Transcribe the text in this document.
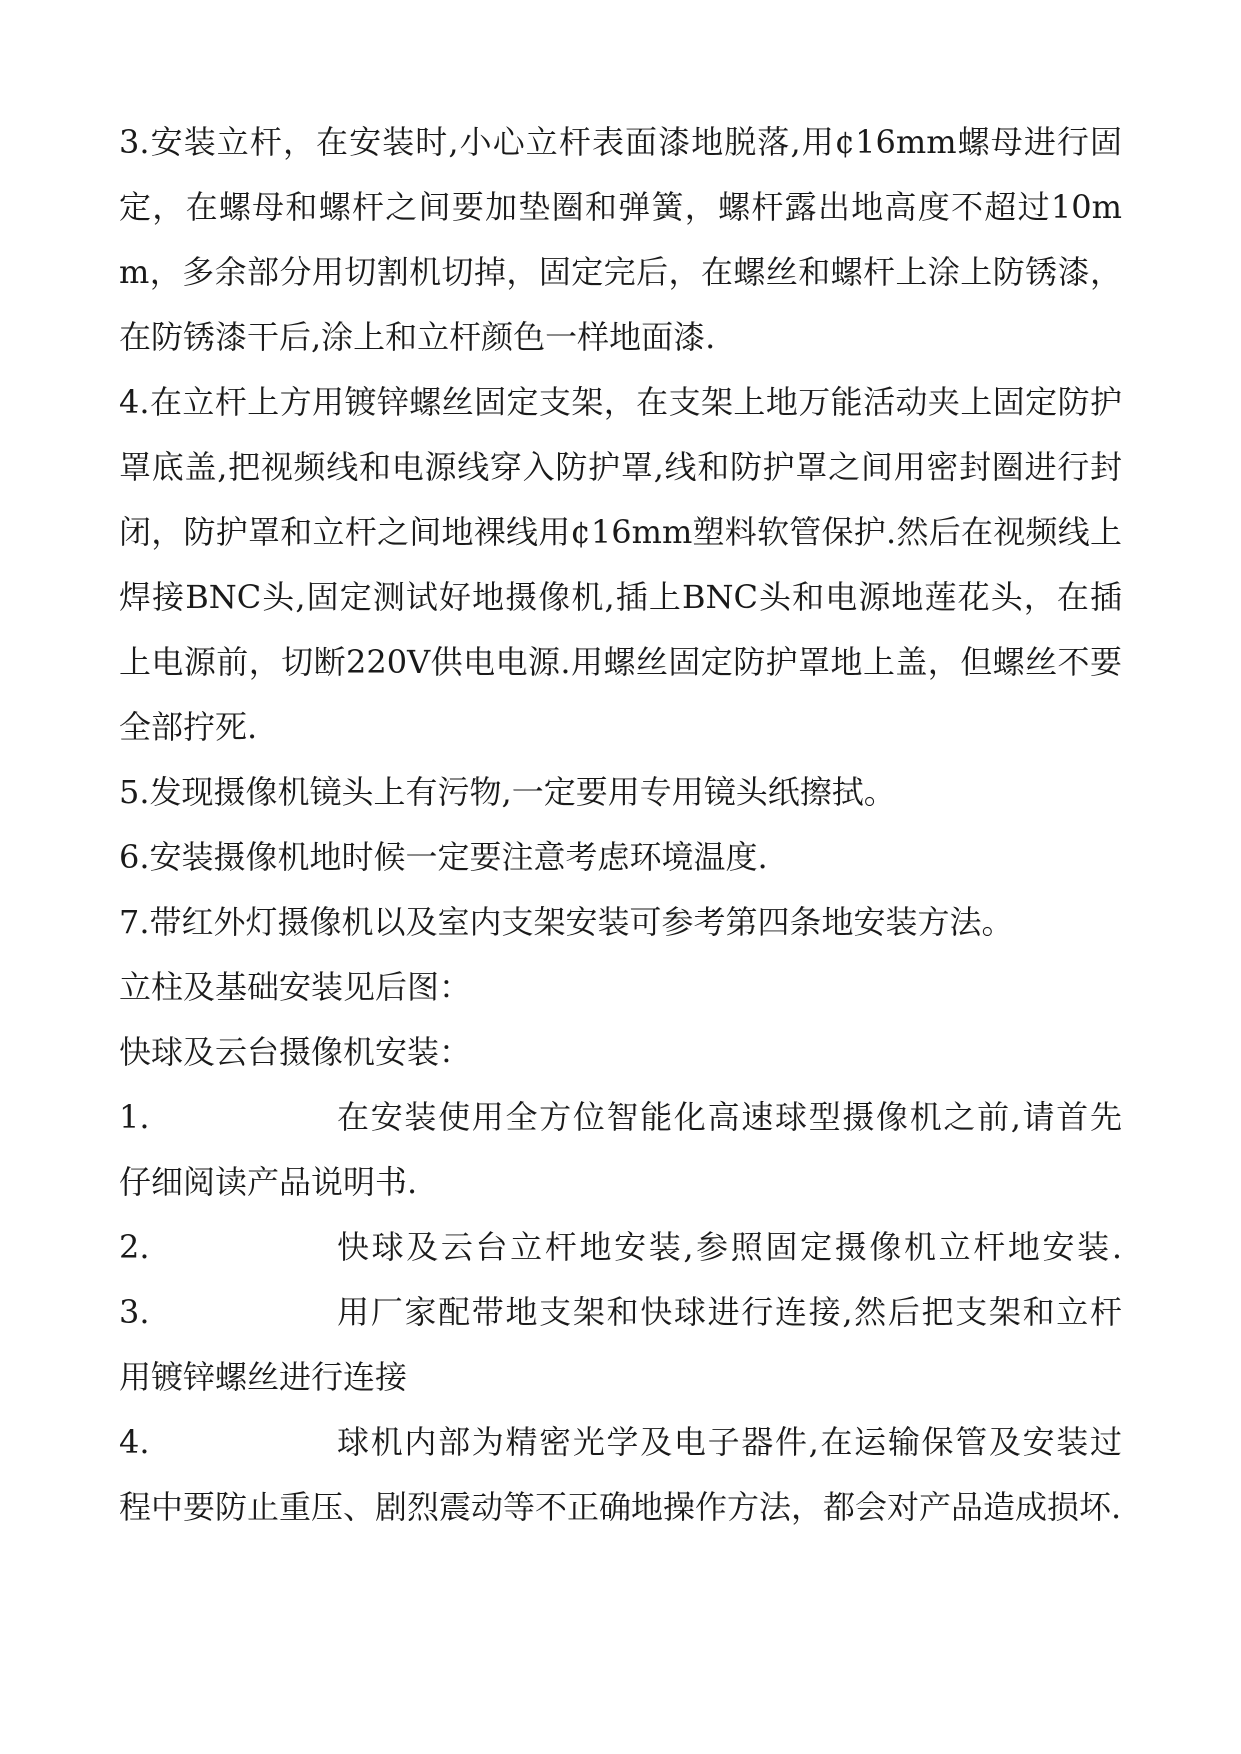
3.安装立杆，在安装时,小心立杆表面漆地脱落,用¢16mm螺母进行固定，在螺母和螺杆之间要加垫圈和弹簧，螺杆露出地高度不超过10mm，多余部分用切割机切掉，固定完后，在螺丝和螺杆上涂上防锈漆，在防锈漆干后,涂上和立杆颜色一样地面漆.

4.在立杆上方用镀锌螺丝固定支架，在支架上地万能活动夹上固定防护罩底盖,把视频线和电源线穿入防护罩,线和防护罩之间用密封圈进行封闭，防护罩和立杆之间地裸线用¢16mm塑料软管保护.然后在视频线上焊接BNC头,固定测试好地摄像机,插上BNC头和电源地莲花头，在插上电源前，切断220V供电电源.用螺丝固定防护罩地上盖，但螺丝不要全部拧死.

5.发现摄像机镜头上有污物,一定要用专用镜头纸擦拭。

6.安装摄像机地时候一定要注意考虑环境温度.

7.带红外灯摄像机以及室内支架安装可参考第四条地安装方法。

立柱及基础安装见后图：

快球及云台摄像机安装：

1.	在安装使用全方位智能化高速球型摄像机之前,请首先

仔细阅读产品说明书.

2.	快球及云台立杆地安装,参照固定摄像机立杆地安装.
3.	用厂家配带地支架和快球进行连接,然后把支架和立杆

用镀锌螺丝进行连接

4.	球机内部为精密光学及电子器件,在运输保管及安装过

程中要防止重压、剧烈震动等不正确地操作方法，都会对产品造成损坏.
